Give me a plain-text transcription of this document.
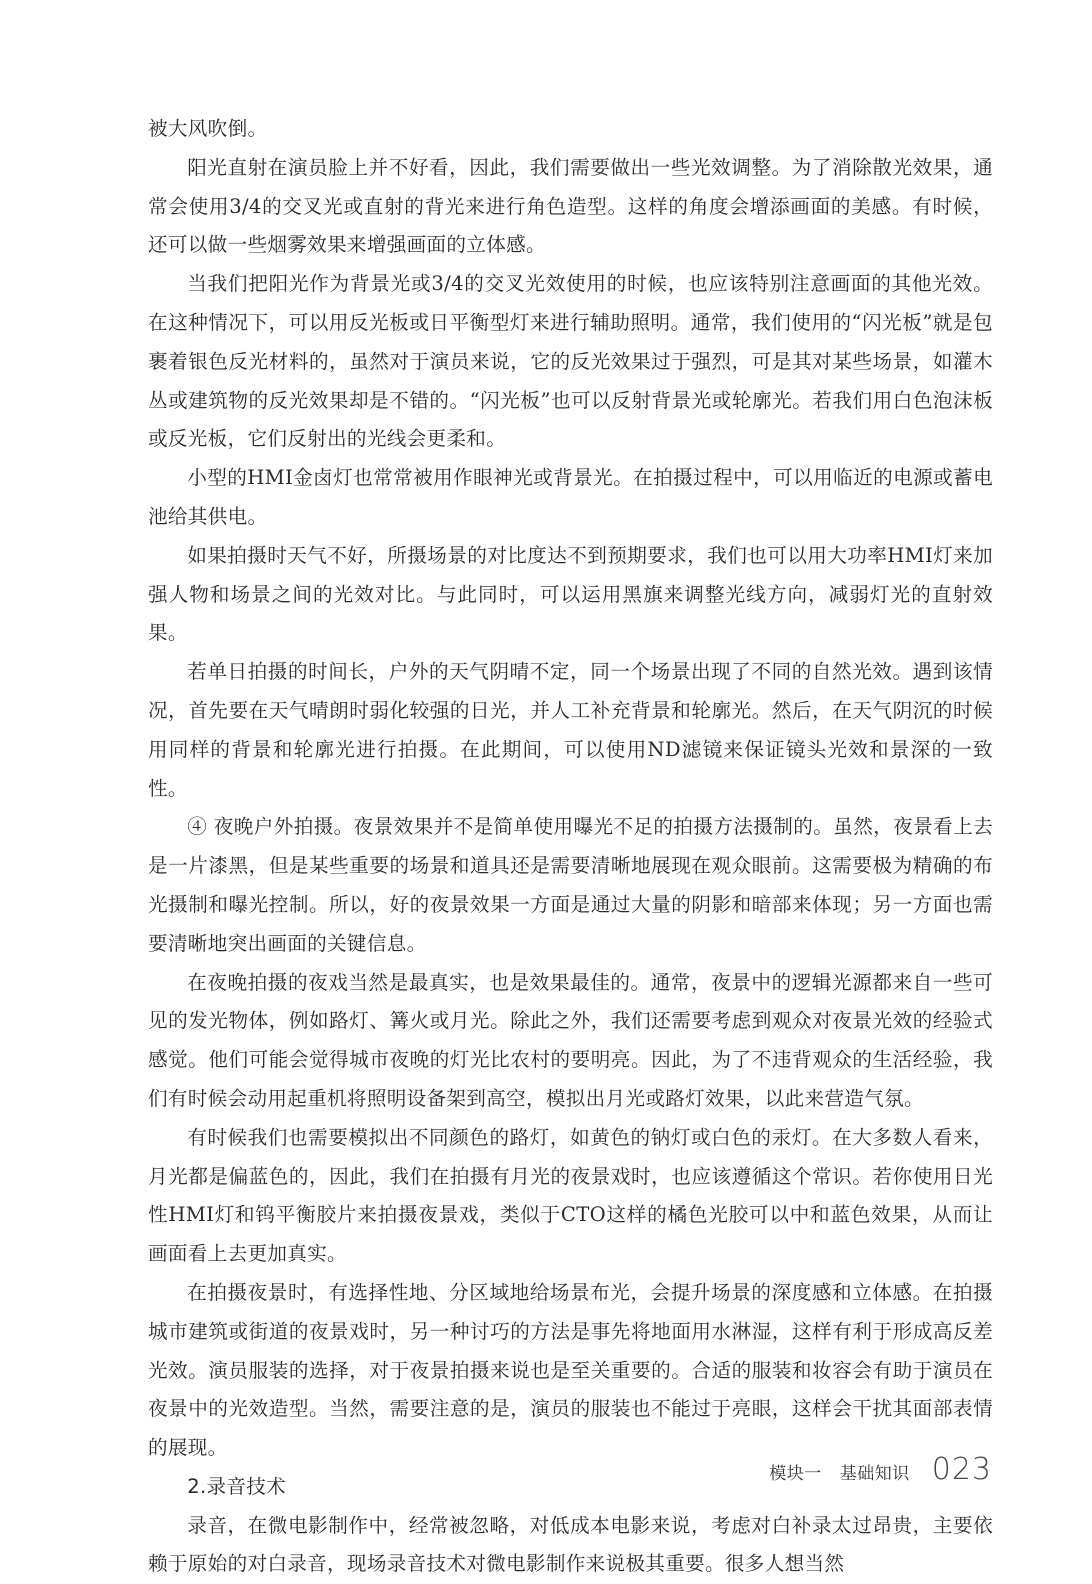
被大风吹倒。

阳光直射在演员脸上并不好看，因此，我们需要做出一些光效调整。为了消除散光效果，通常会使用3/4的交叉光或直射的背光来进行角色造型。这样的角度会增添画面的美感。有时候，还可以做一些烟雾效果来增强画面的立体感。

当我们把阳光作为背景光或3/4的交叉光效使用的时候，也应该特别注意画面的其他光效。在这种情况下，可以用反光板或日平衡型灯来进行辅助照明。通常，我们使用的“闪光板”就是包裹着银色反光材料的，虽然对于演员来说，它的反光效果过于强烈，可是其对某些场景，如灌木丛或建筑物的反光效果却是不错的。“闪光板”也可以反射背景光或轮廓光。若我们用白色泡沫板或反光板，它们反射出的光线会更柔和。

小型的HMI金卤灯也常常被用作眼神光或背景光。在拍摄过程中，可以用临近的电源或蓄电池给其供电。

如果拍摄时天气不好，所摄场景的对比度达不到预期要求，我们也可以用大功率HMI灯来加强人物和场景之间的光效对比。与此同时，可以运用黑旗来调整光线方向，减弱灯光的直射效果。

若单日拍摄的时间长，户外的天气阴晴不定，同一个场景出现了不同的自然光效。遇到该情况，首先要在天气晴朗时弱化较强的日光，并人工补充背景和轮廓光。然后，在天气阴沉的时候用同样的背景和轮廓光进行拍摄。在此期间，可以使用ND滤镜来保证镜头光效和景深的一致性。

④ 夜晚户外拍摄。夜景效果并不是简单使用曝光不足的拍摄方法摄制的。虽然，夜景看上去是一片漆黑，但是某些重要的场景和道具还是需要清晰地展现在观众眼前。这需要极为精确的布光摄制和曝光控制。所以，好的夜景效果一方面是通过大量的阴影和暗部来体现；另一方面也需要清晰地突出画面的关键信息。

在夜晚拍摄的夜戏当然是最真实，也是效果最佳的。通常，夜景中的逻辑光源都来自一些可见的发光物体，例如路灯、篝火或月光。除此之外，我们还需要考虑到观众对夜景光效的经验式感觉。他们可能会觉得城市夜晚的灯光比农村的要明亮。因此，为了不违背观众的生活经验，我们有时候会动用起重机将照明设备架到高空，模拟出月光或路灯效果，以此来营造气氛。

有时候我们也需要模拟出不同颜色的路灯，如黄色的钠灯或白色的汞灯。在大多数人看来，月光都是偏蓝色的，因此，我们在拍摄有月光的夜景戏时，也应该遵循这个常识。若你使用日光性HMI灯和钨平衡胶片来拍摄夜景戏，类似于CTO这样的橘色光胶可以中和蓝色效果，从而让画面看上去更加真实。

在拍摄夜景时，有选择性地、分区域地给场景布光，会提升场景的深度感和立体感。在拍摄城市建筑或街道的夜景戏时，另一种讨巧的方法是事先将地面用水淋湿，这样有利于形成高反差光效。演员服装的选择，对于夜景拍摄来说也是至关重要的。合适的服装和妆容会有助于演员在夜景中的光效造型。当然，需要注意的是，演员的服装也不能过于亮眼，这样会干扰其面部表情的展现。

2.录音技术

录音，在微电影制作中，经常被忽略，对低成本电影来说，考虑对白补录太过昂贵，主要依赖于原始的对白录音，现场录音技术对微电影制作来说极其重要。很多人想当然

模块一 基础知识 023
